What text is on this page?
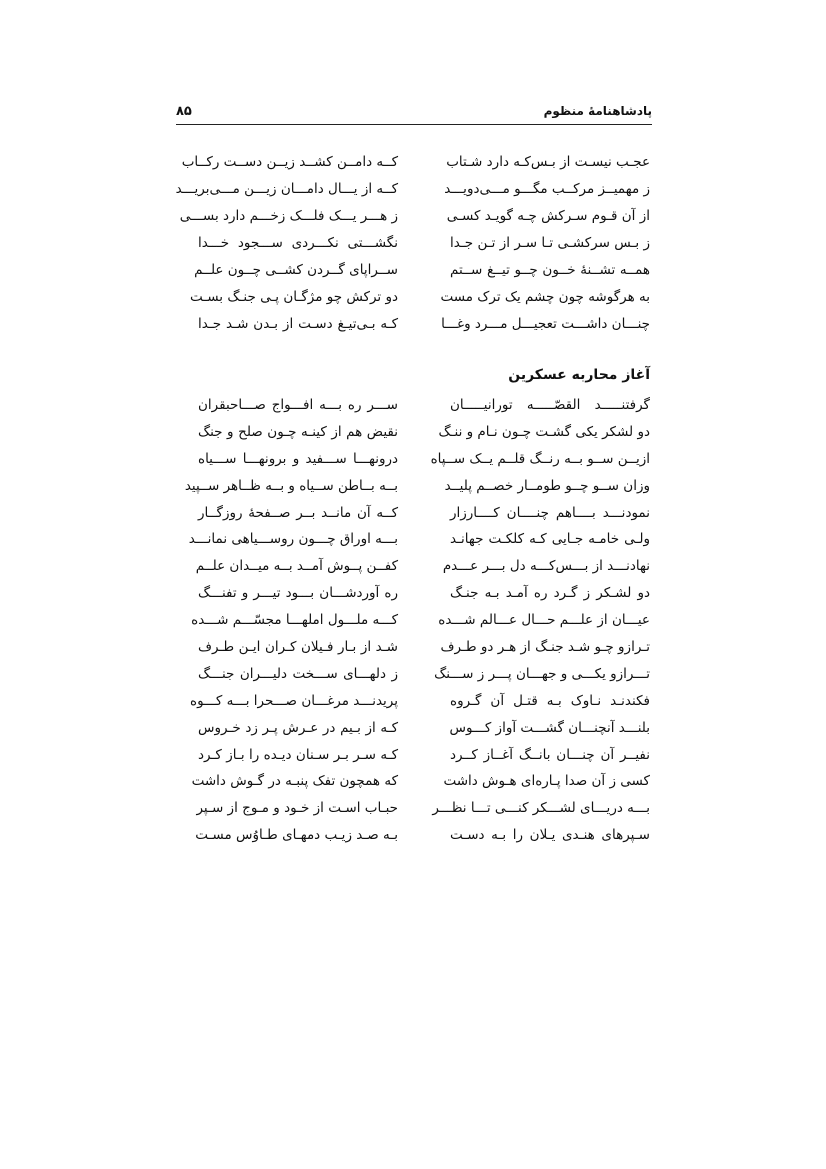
پادشاهنامهٔ منظوم
۸۵
عجـب نیسـت از بـس‌کـه دارد شـتاب
کــه دامــن کشــد زیــن دســت رکــاب
ز مهمیــز مرکــب مگـــو مـــی‌دویـــد
کــه از یـــال دامـــان زیـــن مـــی‌بریـــد
از آن قـوم سـرکش چـه گویـد کسـی
ز هـــر یـــک فلـــک زخـــم دارد بســـی
ز بـس سرکشـی تـا سـر از تـن جـدا
نگشـــتی نکـــردی ســـجود خـــدا
همــه تشــنهٔ خــون چــو تیــغ ســتم
ســراپای گــردن کشــی چــون علــم
به هرگوشه چون چشم یک ترک مست
دو ترکش چو مژگـان پـی جنـگ بسـت
چنـــان داشـــت تعجیـــل مـــرد وغـــا
کـه بـی‌تیـغ دسـت از بـدن شـد جـدا
آغاز محاربه عسکرین
گرفتنـــــد القصّـــــه تورانیـــــان
ســـر ره بـــه افـــواج صـــاحبقران
دو لشکر یکی گشـت چـون نـام و ننـگ
نقیض هم از کینـه چـون صلح و جنگ
ازیــن ســو بــه رنــگ قلــم یــک ســپاه
درونهـــا ســـفید و برونهـــا ســـیاه
وزان ســو چــو طومــار خصــم پلیــد
بــه بــاطن ســیاه و بــه ظــاهر ســپید
نمودنـــد بــــاهم چنــــان کــــارزار
کــه آن مانــد بــر صــفحهٔ روزگــار
ولـی خامـه جـایی کـه کلکـت جهانـد
بـــه اوراق چـــون روســـیاهی نمانـــد
نهادنـــد از بـــس‌کـــه دل بـــر عـــدم
کفــن پــوش آمــد بــه میــدان علــم
دو لشـکر ز گـرد ره آمـد بـه جنـگ
ره آوردشـــان بـــود تیـــر و تفنـــگ
عیـــان از علـــم حـــال عـــالم شـــده
کـــه ملـــول املهـــا مجسّـــم شـــده
تـرازو چـو شـد جنـگ از هـر دو طـرف
شـد از بـار فـیلان کـران ایـن طـرف
تـــرازو یکـــی و جهـــان پـــر ز ســـنگ
ز دلهـــای ســـخت دلیـــران جنـــگ
فکندنـد نـاوک بـه قتـل آن گـروه
پریدنـــد مرغـــان صـــحرا بـــه کـــوه
بلنـــد آنچنـــان گشـــت آواز کـــوس
کـه از بـیم در عـرش پـر زد خـروس
نفیــر آن چنـــان بانــگ آغــاز کــرد
کـه سـر بـر سـنان دیـده را بـاز کـرد
کسی ز آن صدا پـاره‌ای هـوش داشت
که همچون تفک پنبـه در گـوش داشت
بـــه دریـــای لشـــکر کنـــی تـــا نظـــر
حبـاب اسـت از خـود و مـوج از سـپر
سـپرهای هنـدی یـلان را بـه دسـت
بـه صـد زیـب دمهـای طـاوُس مسـت
